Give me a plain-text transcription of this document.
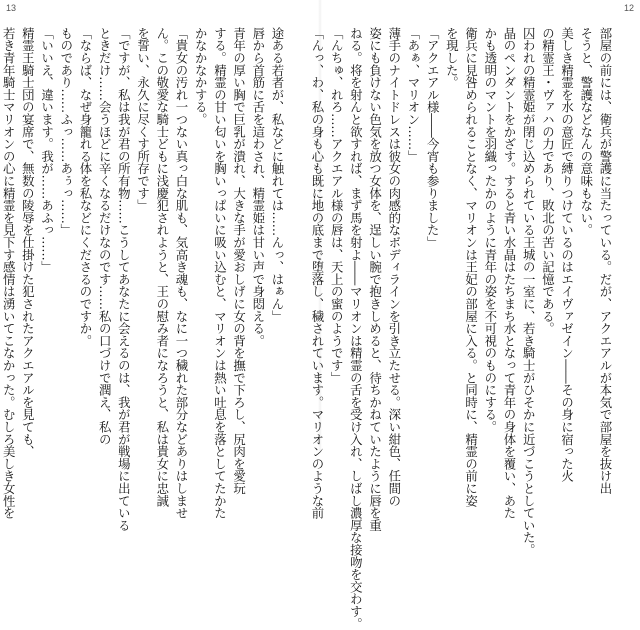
13
途ある若者が、私などに触れては……んっ、はぁん」
唇から首筋に舌を這わされ、精霊姫は甘い声で身悶える。
青年の厚い胸で巨乳が潰れ、大きな手が愛おしげに女の背を撫で下ろし、尻肉を愛玩
する。精霊の甘い匂いを胸いっぱいに吸い込むと、マリオンは熱い吐息を落としてたかた
かなかなかする。
「貴女の汚れ一つない真っ白な肌も、気高き魂も、なに一つ穢れた部分などありはしませ
ん。この敬愛な騎士どもに浅慶犯されようと、王の慰み者になろうと、私は貴女に忠誠
を誓い、永久に尽くす所存です」
「ですが、私は我が君の所有物……こうしてあなたに会えるのは、我が君が戦場に出ている
ときだけ……会うほどに辛くなるだけなのです……私の口づけで潤え、私の
「ならば、なぜ身籠れる体を私などにくださるのですか。
ものであり……ふっ……あぅっ……」
「いいえ、違います。我が……あふっ……」
精霊王騎士団の宴席で、無数の陵辱を仕掛けた犯されたアクエアルを見ても、
若き青年騎士マリオンの心に精霊を見下す感情は湧いてこなかった。むしろ美しき女性を
12
部屋の前には、衛兵が警護に当たっている。だが、アクエアルが本気で部屋を抜け出
そうと、警護などなんの意味もない。
美しき精霊を水の意匠で縛りつけているのはエイヴァゼイン――その身に宿った火
の精霊王・ヴァハの力であり、敗北の苦い記憶である。
囚われの精霊姫が閉じ込められている王城の一室に、若き騎士がひそかに近づこうとしていた。
晶のペンダントをかざす。すると青い水晶はたちまち水となって青年の身体を覆い、あた
かも透明のマントを羽織ったかのように青年の姿を不可視のものにする。
衛兵に見咎められることなく、マリオンは王妃の部屋に入る。と同時に、精霊の前に姿
を現した。
「アクエアル様――今宵も参りました」
「あぁ、マリオン……」
薄手のナイトドレスは彼女の肉感的なボディラインを引き立たせる。深い紺色、任間の
姿にも負けない色気を放つ女体を、逞しい腕で抱きしめると、待ちかねていたように唇を重
ねる。将を射んと欲すれば、まず馬を射よ――マリオンは精霊の舌を受け入れ、しばし濃厚な接吻を交わす。
「んちゅ、れろ……アクエアル様の唇は、天上の蜜のようです」
「んっ、わ、私の身も心も既に地の底まで堕落し、穢されています。マリオンのような前
